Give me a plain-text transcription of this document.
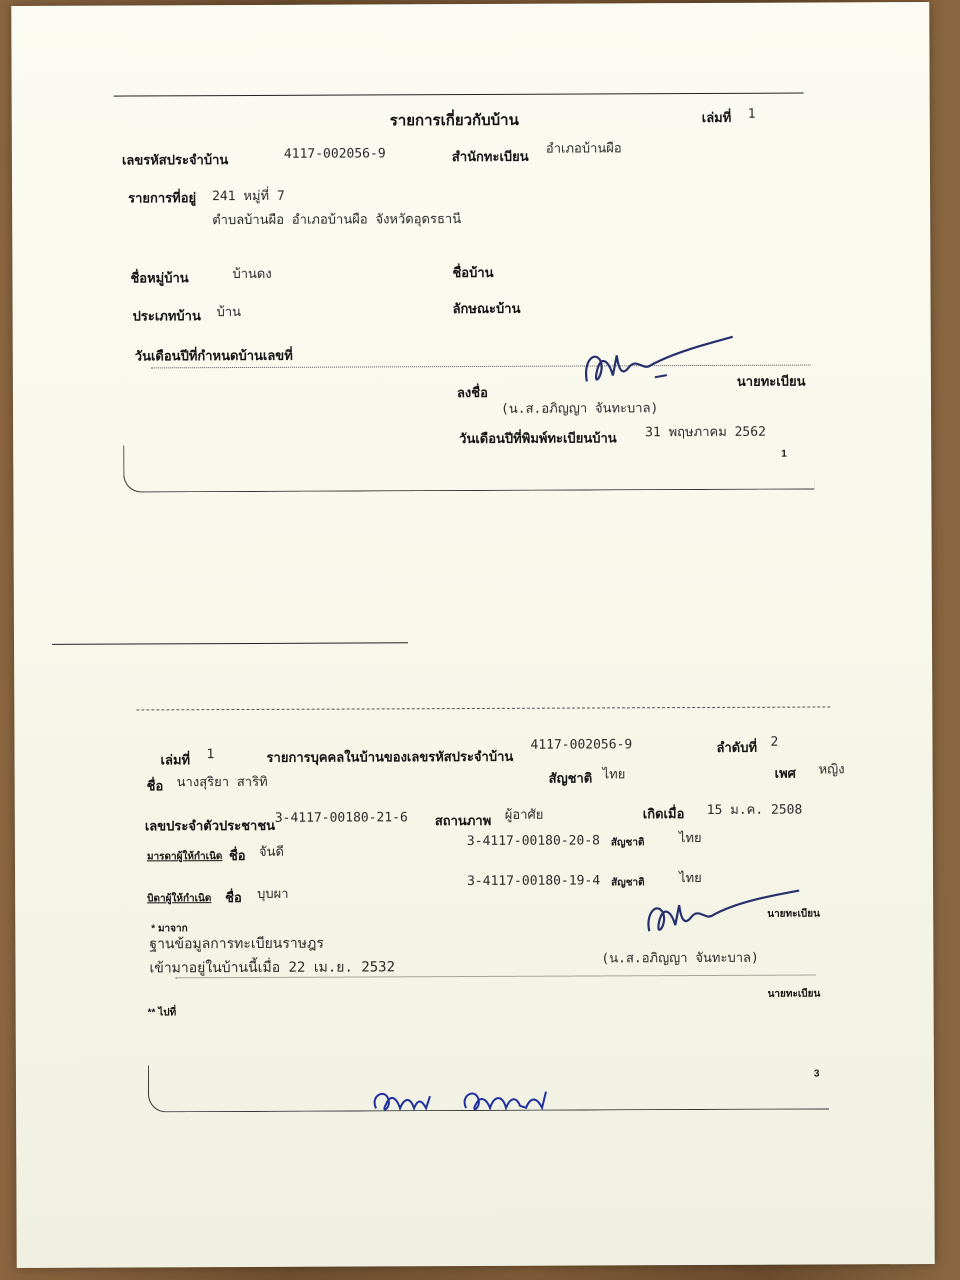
รายการเกี่ยวกับบ้าน	เล่มที่ 1
เลขรหัสประจำบ้าน	4117-002056-9	สำนักทะเบียน อำเภอบ้านผือ
รายการที่อยู่ 241 หมู่ที่ 7
ตำบลบ้านผือ อำเภอบ้านผือ จังหวัดอุดรธานี
ชื่อหมู่บ้าน	บ้านดง	ชื่อบ้าน
ประเภทบ้าน บ้าน	ลักษณะบ้าน
วันเดือนปีที่กำหนดบ้านเลขที่
ลงชื่อ
นายทะเบียน
(น.ส.อภิญญา จันทะบาล)
วันเดือนปีที่พิมพ์ทะเบียนบ้าน 31 พฤษภาคม 2562
1
เล่มที่ 1	รายการบุคคลในบ้านของเลขรหัสประจำบ้าน
4117-002056-9	ลำดับที่ 2
ชื่อ นางสุริยา สาริทิ	สัญชาติ ไทย	เพศ หญิง
เลขประจำตัวประชาชน 3-4117-00180-21-6 สถานภาพ ผู้อาศัย	เกิดเมื่อ 15 ม.ค. 2508
มารดาผู้ให้กำเนิด ชื่อ จันดี
3-4117-00180-20-8 สัญชาติ	ไทย
บิดาผู้ให้กำเนิด ชื่อ บุบผา
3-4117-00180-19-4 สัญชาติ	ไทย
นายทะเบียน
* มาจาก
ฐานข้อมูลการทะเบียนราษฎร
เข้ามาอยู่ในบ้านนี้เมื่อ 22 เม.ย. 2532
(น.ส.อภิญญา จันทะบาล)
นายทะเบียน
** ไปที่
3
